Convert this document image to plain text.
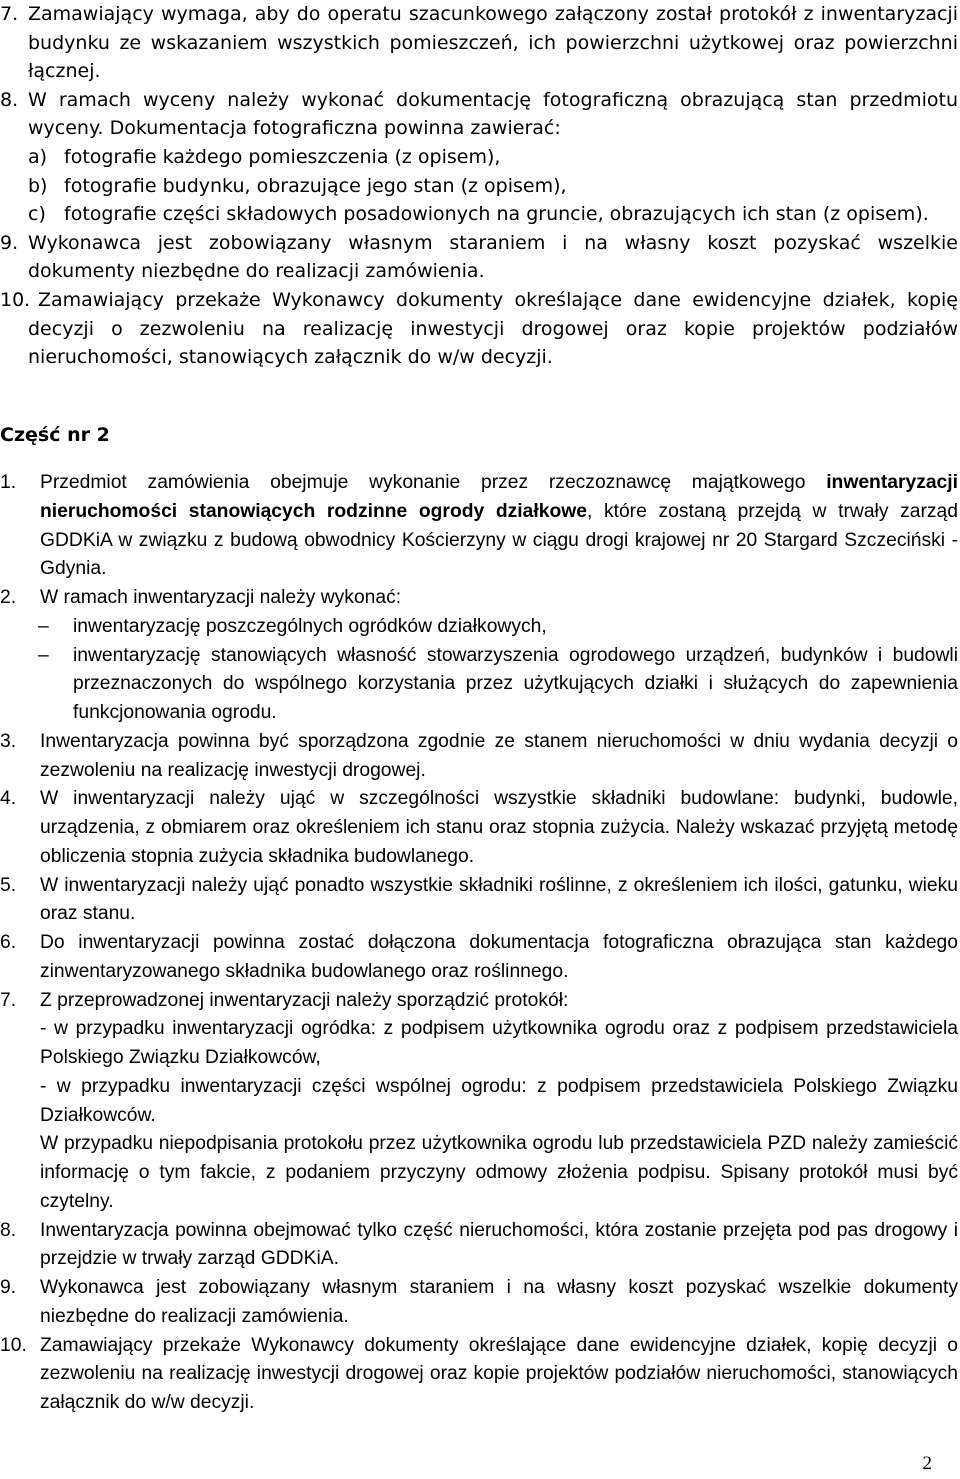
7. Zamawiający wymaga, aby do operatu szacunkowego załączony został protokół z inwentaryzacji budynku ze wskazaniem wszystkich pomieszczeń, ich powierzchni użytkowej oraz powierzchni łącznej.
8. W ramach wyceny należy wykonać dokumentację fotograficzną obrazującą stan przedmiotu wyceny. Dokumentacja fotograficzna powinna zawierać:
a) fotografie każdego pomieszczenia (z opisem),
b) fotografie budynku, obrazujące jego stan (z opisem),
c) fotografie części składowych posadowionych na gruncie, obrazujących ich stan (z opisem).
9. Wykonawca jest zobowiązany własnym staraniem i na własny koszt pozyskać wszelkie dokumenty niezbędne do realizacji zamówienia.
10. Zamawiający przekaże Wykonawcy dokumenty określające dane ewidencyjne działek, kopię decyzji o zezwoleniu na realizację inwestycji drogowej oraz kopie projektów podziałów nieruchomości, stanowiących załącznik do w/w decyzji.
Część nr 2
1. Przedmiot zamówienia obejmuje wykonanie przez rzeczoznawcę majątkowego inwentaryzacji nieruchomości stanowiących rodzinne ogrody działkowe, które zostaną przejdą w trwały zarząd GDDKiA w związku z budową obwodnicy Kościerzyny w ciągu drogi krajowej nr 20 Stargard Szczeciński - Gdynia.
2. W ramach inwentaryzacji należy wykonać:
– inwentaryzację poszczególnych ogródków działkowych,
– inwentaryzację stanowiących własność stowarzyszenia ogrodowego urządzeń, budynków i budowli przeznaczonych do wspólnego korzystania przez użytkujących działki i służących do zapewnienia funkcjonowania ogrodu.
3. Inwentaryzacja powinna być sporządzona zgodnie ze stanem nieruchomości w dniu wydania decyzji o zezwoleniu na realizację inwestycji drogowej.
4. W inwentaryzacji należy ująć w szczególności wszystkie składniki budowlane: budynki, budowle, urządzenia, z obmiarem oraz określeniem ich stanu oraz stopnia zużycia. Należy wskazać przyjętą metodę obliczenia stopnia zużycia składnika budowlanego.
5. W inwentaryzacji należy ująć ponadto wszystkie składniki roślinne, z określeniem ich ilości, gatunku, wieku oraz stanu.
6. Do inwentaryzacji powinna zostać dołączona dokumentacja fotograficzna obrazująca stan każdego zinwentaryzowanego składnika budowlanego oraz roślinnego.
7. Z przeprowadzonej inwentaryzacji należy sporządzić protokół:
- w przypadku inwentaryzacji ogródka: z podpisem użytkownika ogrodu oraz z podpisem przedstawiciela Polskiego Związku Działkowców,
- w przypadku inwentaryzacji części wspólnej ogrodu: z podpisem przedstawiciela Polskiego Związku Działkowców.
W przypadku niepodpisania protokołu przez użytkownika ogrodu lub przedstawiciela PZD należy zamieścić informację o tym fakcie, z podaniem przyczyny odmowy złożenia podpisu. Spisany protokół musi być czytelny.
8. Inwentaryzacja powinna obejmować tylko część nieruchomości, która zostanie przejęta pod pas drogowy i przejdzie w trwały zarząd GDDKiA.
9. Wykonawca jest zobowiązany własnym staraniem i na własny koszt pozyskać wszelkie dokumenty niezbędne do realizacji zamówienia.
10. Zamawiający przekaże Wykonawcy dokumenty określające dane ewidencyjne działek, kopię decyzji o zezwoleniu na realizację inwestycji drogowej oraz kopie projektów podziałów nieruchomości, stanowiących załącznik do w/w decyzji.
2
